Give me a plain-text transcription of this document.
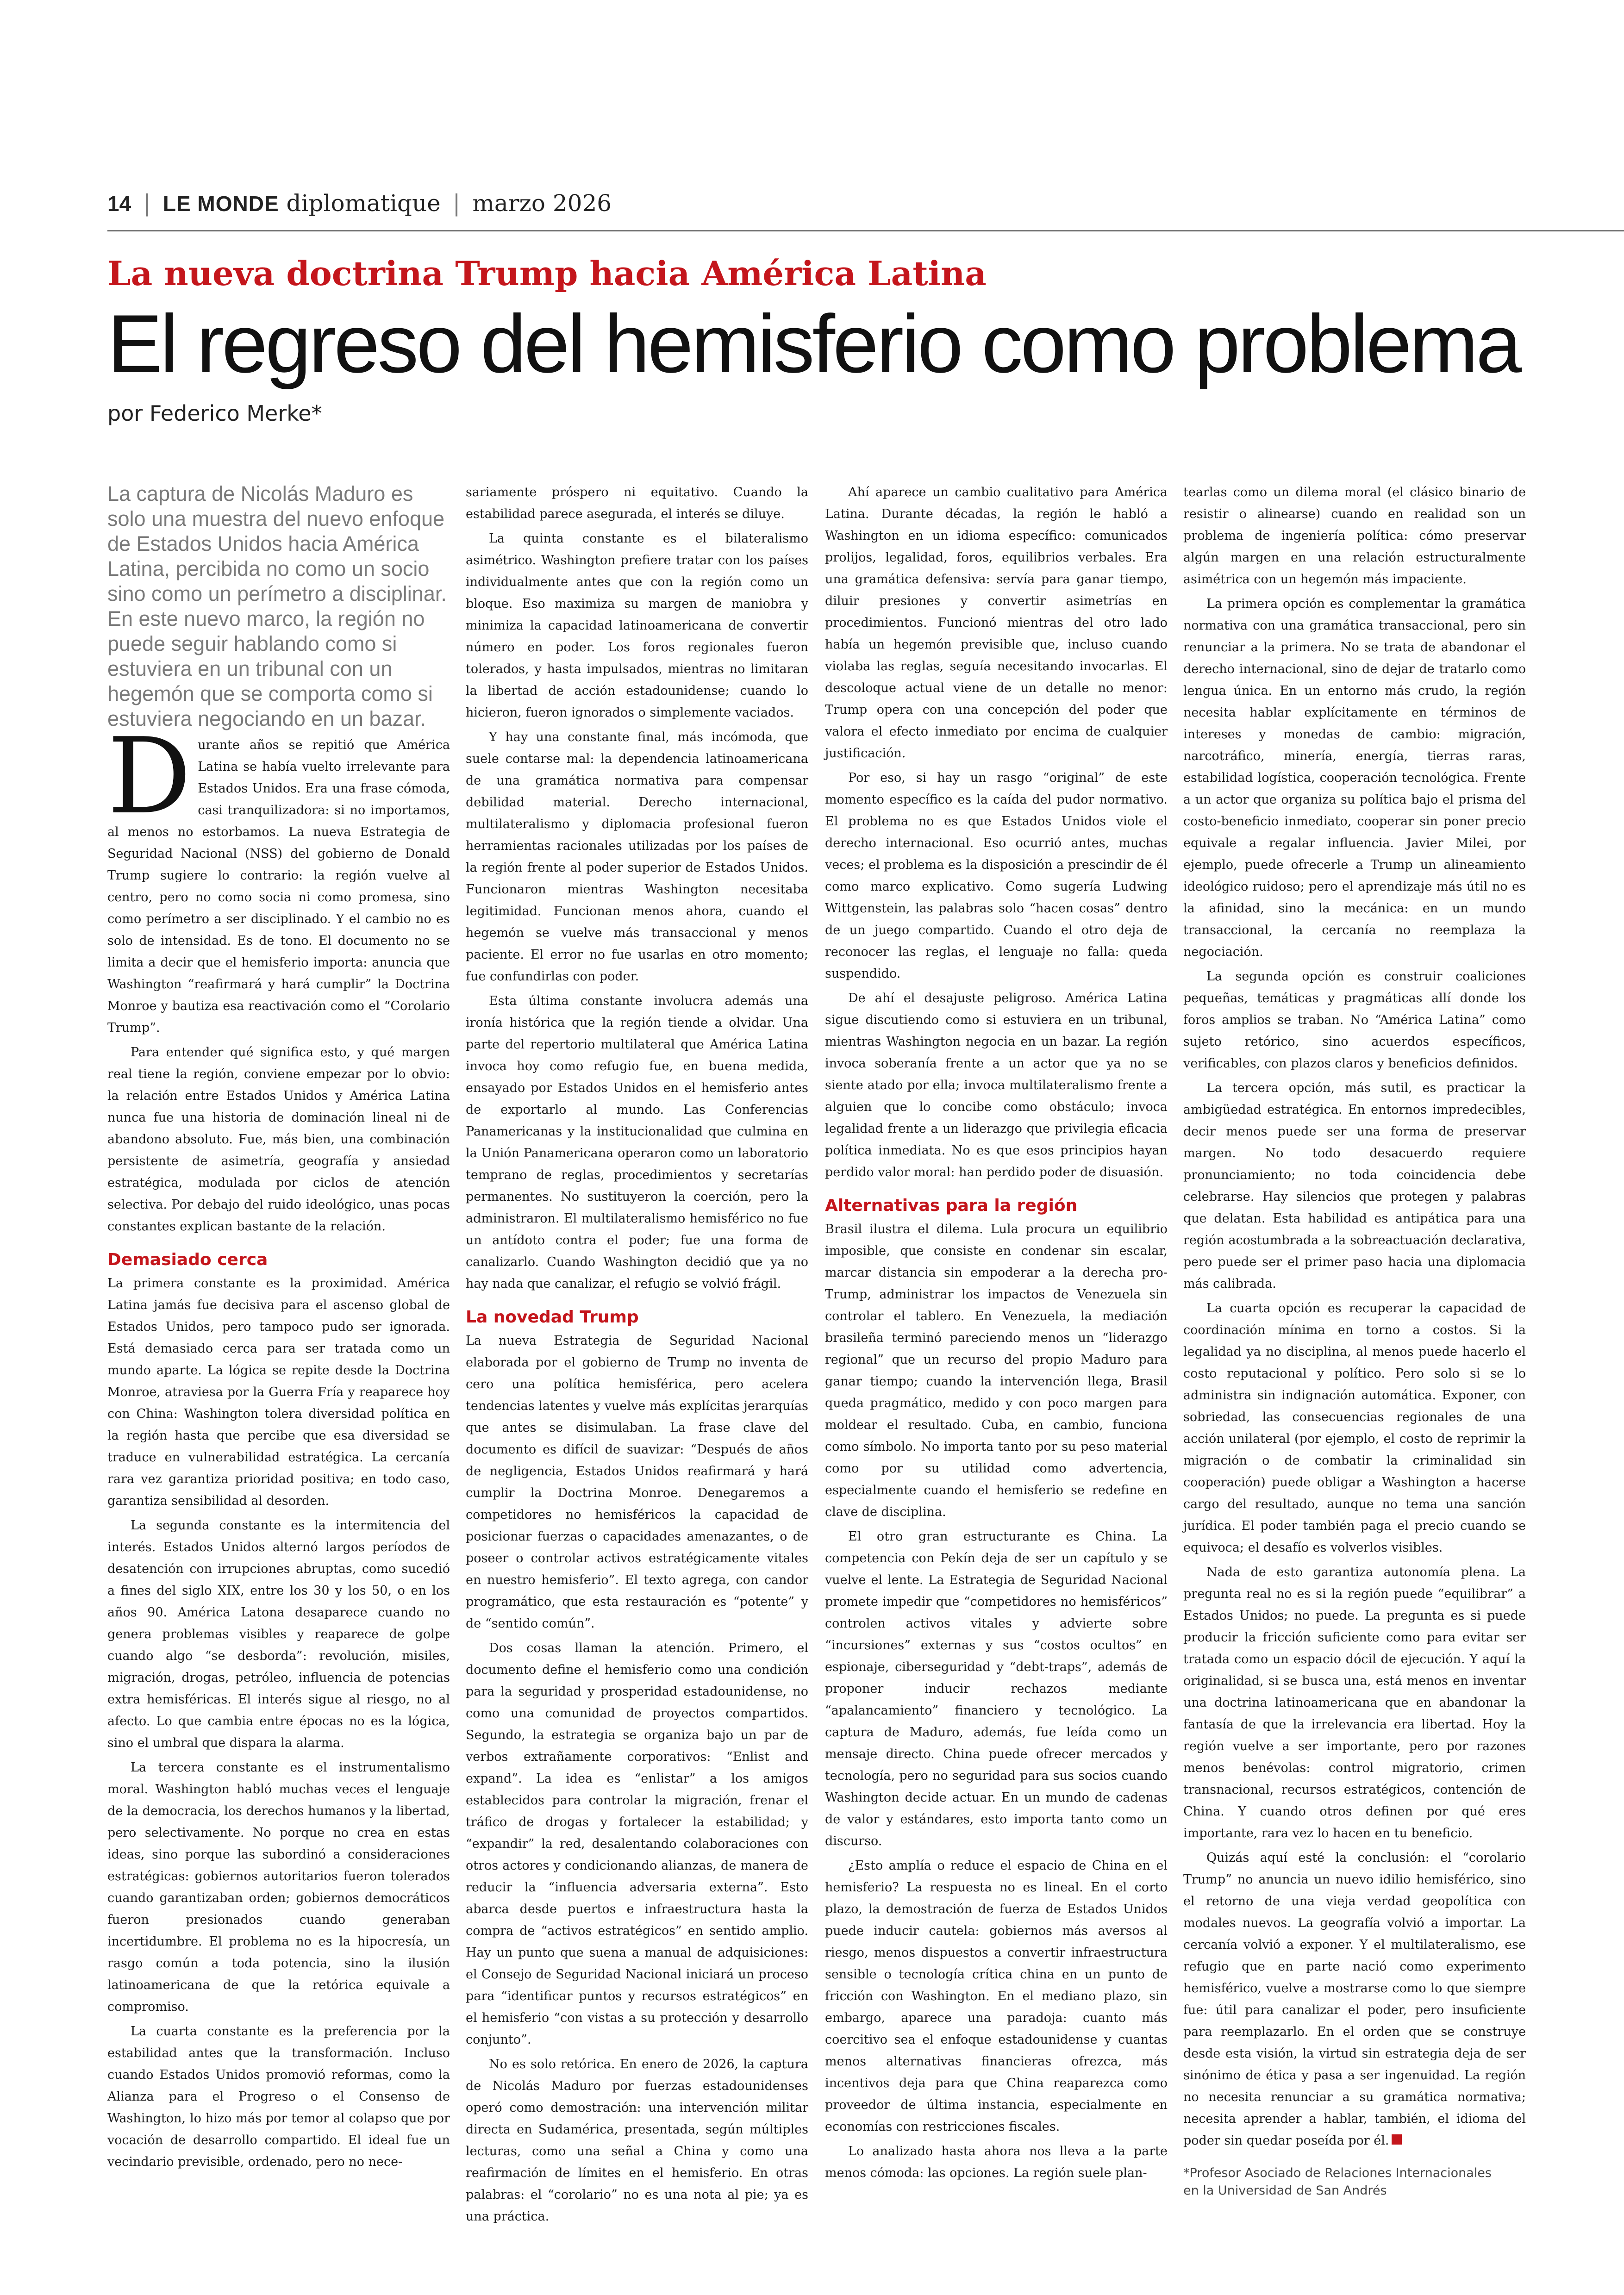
14 | LE MONDE diplomatique | marzo 2026
La nueva doctrina Trump hacia América Latina
El regreso del hemisferio como problema
por Federico Merke*

La captura de Nicolás Maduro es solo una muestra del nuevo enfoque de Estados Unidos hacia América Latina, percibida no como un socio sino como un perímetro a disciplinar. En este nuevo marco, la región no puede seguir hablando como si estuviera en un tribunal con un hegemón que se comporta como si estuviera negociando en un bazar.

Durante años se repitió que América Latina se había vuelto irrelevante para Estados Unidos. Era una frase cómoda, casi tranquilizadora: si no importamos, al menos no estorbamos. La nueva Estrategia de Seguridad Nacional (NSS) del gobierno de Donald Trump sugiere lo contrario: la región vuelve al centro, pero no como socia ni como promesa, sino como perímetro a ser disciplinado. Y el cambio no es solo de intensidad. Es de tono. El documento no se limita a decir que el hemisferio importa: anuncia que Washington “reafirmará y hará cumplir” la Doctrina Monroe y bautiza esa reactivación como el “Corolario Trump”.

Para entender qué significa esto, y qué margen real tiene la región, conviene empezar por lo obvio: la relación entre Estados Unidos y América Latina nunca fue una historia de dominación lineal ni de abandono absoluto. Fue, más bien, una combinación persistente de asimetría, geografía y ansiedad estratégica, modulada por ciclos de atención selectiva. Por debajo del ruido ideológico, unas pocas constantes explican bastante de la relación.

Demasiado cerca

La primera constante es la proximidad. América Latina jamás fue decisiva para el ascenso global de Estados Unidos, pero tampoco pudo ser ignorada. Está demasiado cerca para ser tratada como un mundo aparte. La lógica se repite desde la Doctrina Monroe, atraviesa por la Guerra Fría y reaparece hoy con China: Washington tolera diversidad política en la región hasta que percibe que esa diversidad se traduce en vulnerabilidad estratégica. La cercanía rara vez garantiza prioridad positiva; en todo caso, garantiza sensibilidad al desorden.

La segunda constante es la intermitencia del interés. Estados Unidos alternó largos períodos de desatención con irrupciones abruptas, como sucedió a fines del siglo XIX, entre los 30 y los 50, o en los años 90. América Latona desaparece cuando no genera problemas visibles y reaparece de golpe cuando algo “se desborda”: revolución, misiles, migración, drogas, petróleo, influencia de potencias extra hemisféricas. El interés sigue al riesgo, no al afecto. Lo que cambia entre épocas no es la lógica, sino el umbral que dispara la alarma.

La tercera constante es el instrumentalismo moral. Washington habló muchas veces el lenguaje de la democracia, los derechos humanos y la libertad, pero selectivamente. No porque no crea en estas ideas, sino porque las subordinó a consideraciones estratégicas: gobiernos autoritarios fueron tolerados cuando garantizaban orden; gobiernos democráticos fueron presionados cuando generaban incertidumbre. El problema no es la hipocresía, un rasgo común a toda potencia, sino la ilusión latinoamericana de que la retórica equivale a compromiso.

La cuarta constante es la preferencia por la estabilidad antes que la transformación. Incluso cuando Estados Unidos promovió reformas, como la Alianza para el Progreso o el Consenso de Washington, lo hizo más por temor al colapso que por vocación de desarrollo compartido. El ideal fue un vecindario previsible, ordenado, pero no nece-

sariamente próspero ni equitativo. Cuando la estabilidad parece asegurada, el interés se diluye.

La quinta constante es el bilateralismo asimétrico. Washington prefiere tratar con los países individualmente antes que con la región como un bloque. Eso maximiza su margen de maniobra y minimiza la capacidad latinoamericana de convertir número en poder. Los foros regionales fueron tolerados, y hasta impulsados, mientras no limitaran la libertad de acción estadounidense; cuando lo hicieron, fueron ignorados o simplemente vaciados.

Y hay una constante final, más incómoda, que suele contarse mal: la dependencia latinoamericana de una gramática normativa para compensar debilidad material. Derecho internacional, multilateralismo y diplomacia profesional fueron herramientas racionales utilizadas por los países de la región frente al poder superior de Estados Unidos. Funcionaron mientras Washington necesitaba legitimidad. Funcionan menos ahora, cuando el hegemón se vuelve más transaccional y menos paciente. El error no fue usarlas en otro momento; fue confundirlas con poder.

Esta última constante involucra además una ironía histórica que la región tiende a olvidar. Una parte del repertorio multilateral que América Latina invoca hoy como refugio fue, en buena medida, ensayado por Estados Unidos en el hemisferio antes de exportarlo al mundo. Las Conferencias Panamericanas y la institucionalidad que culmina en la Unión Panamericana operaron como un laboratorio temprano de reglas, procedimientos y secretarías permanentes. No sustituyeron la coerción, pero la administraron. El multilateralismo hemisférico no fue un antídoto contra el poder; fue una forma de canalizarlo. Cuando Washington decidió que ya no hay nada que canalizar, el refugio se volvió frágil.

La novedad Trump

La nueva Estrategia de Seguridad Nacional elaborada por el gobierno de Trump no inventa de cero una política hemisférica, pero acelera tendencias latentes y vuelve más explícitas jerarquías que antes se disimulaban. La frase clave del documento es difícil de suavizar: “Después de años de negligencia, Estados Unidos reafirmará y hará cumplir la Doctrina Monroe. Denegaremos a competidores no hemisféricos la capacidad de posicionar fuerzas o capacidades amenazantes, o de poseer o controlar activos estratégicamente vitales en nuestro hemisferio”. El texto agrega, con candor programático, que esta restauración es “potente” y de “sentido común”.

Dos cosas llaman la atención. Primero, el documento define el hemisferio como una condición para la seguridad y prosperidad estadounidense, no como una comunidad de proyectos compartidos. Segundo, la estrategia se organiza bajo un par de verbos extrañamente corporativos: “Enlist and expand”. La idea es “enlistar” a los amigos establecidos para controlar la migración, frenar el tráfico de drogas y fortalecer la estabilidad; y “expandir” la red, desalentando colaboraciones con otros actores y condicionando alianzas, de manera de reducir la “influencia adversaria externa”. Esto abarca desde puertos e infraestructura hasta la compra de “activos estratégicos” en sentido amplio. Hay un punto que suena a manual de adquisiciones: el Consejo de Seguridad Nacional iniciará un proceso para “identificar puntos y recursos estratégicos” en el hemisferio “con vistas a su protección y desarrollo conjunto”.

No es solo retórica. En enero de 2026, la captura de Nicolás Maduro por fuerzas estadounidenses operó como demostración: una intervención militar directa en Sudamérica, presentada, según múltiples lecturas, como una señal a China y como una reafirmación de límites en el hemisferio. En otras palabras: el “corolario” no es una nota al pie; ya es una práctica.

Ahí aparece un cambio cualitativo para América Latina. Durante décadas, la región le habló a Washington en un idioma específico: comunicados prolijos, legalidad, foros, equilibrios verbales. Era una gramática defensiva: servía para ganar tiempo, diluir presiones y convertir asimetrías en procedimientos. Funcionó mientras del otro lado había un hegemón previsible que, incluso cuando violaba las reglas, seguía necesitando invocarlas. El descoloque actual viene de un detalle no menor: Trump opera con una concepción del poder que valora el efecto inmediato por encima de cualquier justificación.

Por eso, si hay un rasgo “original” de este momento específico es la caída del pudor normativo. El problema no es que Estados Unidos viole el derecho internacional. Eso ocurrió antes, muchas veces; el problema es la disposición a prescindir de él como marco explicativo. Como sugería Ludwing Wittgenstein, las palabras solo “hacen cosas” dentro de un juego compartido. Cuando el otro deja de reconocer las reglas, el lenguaje no falla: queda suspendido.

De ahí el desajuste peligroso. América Latina sigue discutiendo como si estuviera en un tribunal, mientras Washington negocia en un bazar. La región invoca soberanía frente a un actor que ya no se siente atado por ella; invoca multilateralismo frente a alguien que lo concibe como obstáculo; invoca legalidad frente a un liderazgo que privilegia eficacia política inmediata. No es que esos principios hayan perdido valor moral: han perdido poder de disuasión.

Alternativas para la región

Brasil ilustra el dilema. Lula procura un equilibrio imposible, que consiste en condenar sin escalar, marcar distancia sin empoderar a la derecha pro-Trump, administrar los impactos de Venezuela sin controlar el tablero. En Venezuela, la mediación brasileña terminó pareciendo menos un “liderazgo regional” que un recurso del propio Maduro para ganar tiempo; cuando la intervención llega, Brasil queda pragmático, medido y con poco margen para moldear el resultado. Cuba, en cambio, funciona como símbolo. No importa tanto por su peso material como por su utilidad como advertencia, especialmente cuando el hemisferio se redefine en clave de disciplina.

El otro gran estructurante es China. La competencia con Pekín deja de ser un capítulo y se vuelve el lente. La Estrategia de Seguridad Nacional promete impedir que “competidores no hemisféricos” controlen activos vitales y advierte sobre “incursiones” externas y sus “costos ocultos” en espionaje, ciberseguridad y “debt-traps”, además de proponer inducir rechazos mediante “apalancamiento” financiero y tecnológico. La captura de Maduro, además, fue leída como un mensaje directo. China puede ofrecer mercados y tecnología, pero no seguridad para sus socios cuando Washington decide actuar. En un mundo de cadenas de valor y estándares, esto importa tanto como un discurso.

¿Esto amplía o reduce el espacio de China en el hemisferio? La respuesta no es lineal. En el corto plazo, la demostración de fuerza de Estados Unidos puede inducir cautela: gobiernos más aversos al riesgo, menos dispuestos a convertir infraestructura sensible o tecnología crítica china en un punto de fricción con Washington. En el mediano plazo, sin embargo, aparece una paradoja: cuanto más coercitivo sea el enfoque estadounidense y cuantas menos alternativas financieras ofrezca, más incentivos deja para que China reaparezca como proveedor de última instancia, especialmente en economías con restricciones fiscales.

Lo analizado hasta ahora nos lleva a la parte menos cómoda: las opciones. La región suele plan-

tearlas como un dilema moral (el clásico binario de resistir o alinearse) cuando en realidad son un problema de ingeniería política: cómo preservar algún margen en una relación estructuralmente asimétrica con un hegemón más impaciente.

La primera opción es complementar la gramática normativa con una gramática transaccional, pero sin renunciar a la primera. No se trata de abandonar el derecho internacional, sino de dejar de tratarlo como lengua única. En un entorno más crudo, la región necesita hablar explícitamente en términos de intereses y monedas de cambio: migración, narcotráfico, minería, energía, tierras raras, estabilidad logística, cooperación tecnológica. Frente a un actor que organiza su política bajo el prisma del costo-beneficio inmediato, cooperar sin poner precio equivale a regalar influencia. Javier Milei, por ejemplo, puede ofrecerle a Trump un alineamiento ideológico ruidoso; pero el aprendizaje más útil no es la afinidad, sino la mecánica: en un mundo transaccional, la cercanía no reemplaza la negociación.

La segunda opción es construir coaliciones pequeñas, temáticas y pragmáticas allí donde los foros amplios se traban. No “América Latina” como sujeto retórico, sino acuerdos específicos, verificables, con plazos claros y beneficios definidos.

La tercera opción, más sutil, es practicar la ambigüedad estratégica. En entornos impredecibles, decir menos puede ser una forma de preservar margen. No todo desacuerdo requiere pronunciamiento; no toda coincidencia debe celebrarse. Hay silencios que protegen y palabras que delatan. Esta habilidad es antipática para una región acostumbrada a la sobreactuación declarativa, pero puede ser el primer paso hacia una diplomacia más calibrada.

La cuarta opción es recuperar la capacidad de coordinación mínima en torno a costos. Si la legalidad ya no disciplina, al menos puede hacerlo el costo reputacional y político. Pero solo si se lo administra sin indignación automática. Exponer, con sobriedad, las consecuencias regionales de una acción unilateral (por ejemplo, el costo de reprimir la migración o de combatir la criminalidad sin cooperación) puede obligar a Washington a hacerse cargo del resultado, aunque no tema una sanción jurídica. El poder también paga el precio cuando se equivoca; el desafío es volverlos visibles.

Nada de esto garantiza autonomía plena. La pregunta real no es si la región puede “equilibrar” a Estados Unidos; no puede. La pregunta es si puede producir la fricción suficiente como para evitar ser tratada como un espacio dócil de ejecución. Y aquí la originalidad, si se busca una, está menos en inventar una doctrina latinoamericana que en abandonar la fantasía de que la irrelevancia era libertad. Hoy la región vuelve a ser importante, pero por razones menos benévolas: control migratorio, crimen transnacional, recursos estratégicos, contención de China. Y cuando otros definen por qué eres importante, rara vez lo hacen en tu beneficio.

Quizás aquí esté la conclusión: el “corolario Trump” no anuncia un nuevo idilio hemisférico, sino el retorno de una vieja verdad geopolítica con modales nuevos. La geografía volvió a importar. La cercanía volvió a exponer. Y el multilateralismo, ese refugio que en parte nació como experimento hemisférico, vuelve a mostrarse como lo que siempre fue: útil para canalizar el poder, pero insuficiente para reemplazarlo. En el orden que se construye desde esta visión, la virtud sin estrategia deja de ser sinónimo de ética y pasa a ser ingenuidad. La región no necesita renunciar a su gramática normativa; necesita aprender a hablar, también, el idioma del poder sin quedar poseída por él.

*Profesor Asociado de Relaciones Internacionales
en la Universidad de San Andrés
